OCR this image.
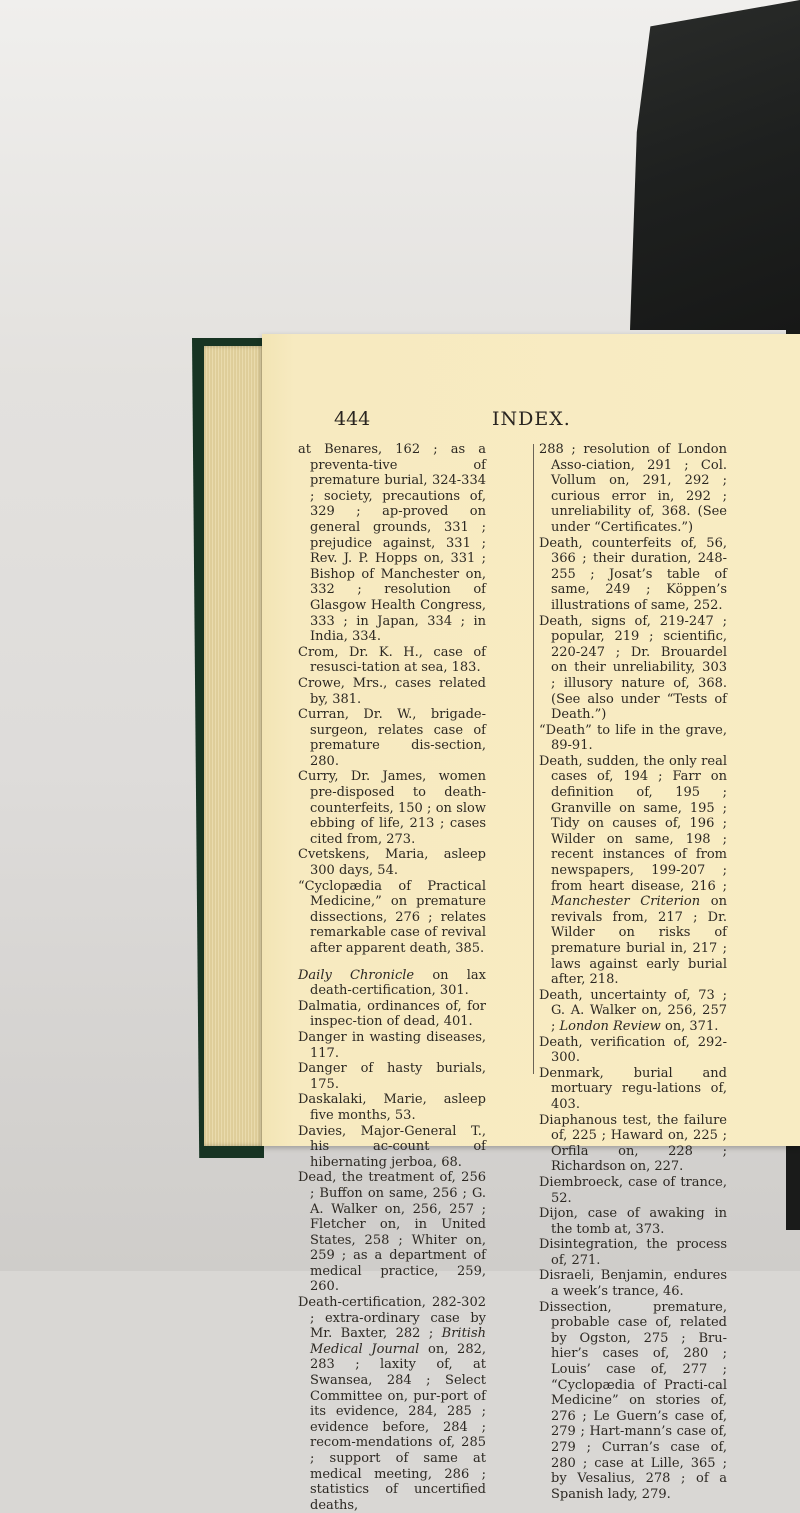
444	INDEX.

at Benares, 162 ; as a preventa-tive of premature burial, 324-334 ; society, precautions of, 329 ; ap-proved on general grounds, 331 ; prejudice against, 331 ; Rev. J. P. Hopps on, 331 ; Bishop of Manchester on, 332 ; resolution of Glasgow Health Congress, 333 ; in Japan, 334 ; in India, 334.

Crom, Dr. K. H., case of resusci-tation at sea, 183.

Crowe, Mrs., cases related by, 381.

Curran, Dr. W., brigade-surgeon, relates case of premature dis-section, 280.

Curry, Dr. James, women pre-disposed to death-counterfeits, 150 ; on slow ebbing of life, 213 ; cases cited from, 273.

Cvetskens, Maria, asleep 300 days, 54.

“Cyclopædia of Practical Medicine,” on premature dissections, 276 ; relates remarkable case of revival after apparent death, 385.

Daily Chronicle on lax death-certification, 301.

Dalmatia, ordinances of, for inspec-tion of dead, 401.

Danger in wasting diseases, 117.

Danger of hasty burials, 175.

Daskalaki, Marie, asleep five months, 53.

Davies, Major-General T., his ac-count of hibernating jerboa, 68.

Dead, the treatment of, 256 ; Buffon on same, 256 ; G. A. Walker on, 256, 257 ; Fletcher on, in United States, 258 ; Whiter on, 259 ; as a department of medical practice, 259, 260.

Death-certification, 282-302 ; extra-ordinary case by Mr. Baxter, 282 ; British Medical Journal on, 282, 283 ; laxity of, at Swansea, 284 ; Select Committee on, pur-port of its evidence, 284, 285 ; evidence before, 284 ; recom-mendations of, 285 ; support of same at medical meeting, 286 ; statistics of uncertified deaths,

288 ; resolution of London Asso-ciation, 291 ; Col. Vollum on, 291, 292 ; curious error in, 292 ; unreliability of, 368. (See under “Certificates.”)

Death, counterfeits of, 56, 366 ; their duration, 248-255 ; Josat’s table of same, 249 ; Köppen’s illustrations of same, 252.

Death, signs of, 219-247 ; popular, 219 ; scientific, 220-247 ; Dr. Brouardel on their unreliability, 303 ; illusory nature of, 368. (See also under “Tests of Death.”)

“Death” to life in the grave, 89-91.

Death, sudden, the only real cases of, 194 ; Farr on definition of, 195 ; Granville on same, 195 ; Tidy on causes of, 196 ; Wilder on same, 198 ; recent instances of from newspapers, 199-207 ; from heart disease, 216 ; Manchester Criterion on revivals from, 217 ; Dr. Wilder on risks of premature burial in, 217 ; laws against early burial after, 218.

Death, uncertainty of, 73 ; G. A. Walker on, 256, 257 ; London Review on, 371.

Death, verification of, 292-300.

Denmark, burial and mortuary regu-lations of, 403.

Diaphanous test, the failure of, 225 ; Haward on, 225 ; Orfila on, 228 ; Richardson on, 227.

Diembroeck, case of trance, 52.

Dijon, case of awaking in the tomb at, 373.

Disintegration, the process of, 271.

Disraeli, Benjamin, endures a week’s trance, 46.

Dissection, premature, probable case of, related by Ogston, 275 ; Bru-hier’s cases of, 280 ; Louis’ case of, 277 ; “Cyclopædia of Practi-cal Medicine” on stories of, 276 ; Le Guern’s case of, 279 ; Hart-mann’s case of, 279 ; Curran’s case of, 280 ; case at Lille, 365 ; by Vesalius, 278 ; of a Spanish lady, 279.
